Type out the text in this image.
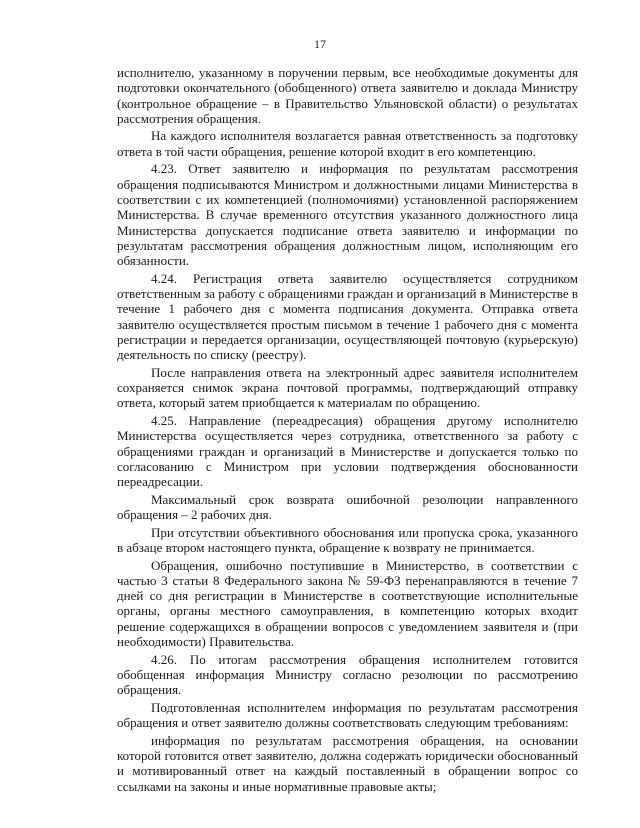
17

исполнителю, указанному в поручении первым, все необходимые документы для подготовки окончательного (обобщенного) ответа заявителю и доклада Министру (контрольное обращение – в Правительство Ульяновской области) о результатах рассмотрения обращения.

На каждого исполнителя возлагается равная ответственность за подготовку ответа в той части обращения, решение которой входит в его компетенцию.

4.23. Ответ заявителю и информация по результатам рассмотрения обращения подписываются Министром и должностными лицами Министерства в соответствии с их компетенцией (полномочиями) установленной распоряжением Министерства. В случае временного отсутствия указанного должностного лица Министерства допускается подписание ответа заявителю и информации по результатам рассмотрения обращения должностным лицом, исполняющим его обязанности.

4.24. Регистрация ответа заявителю осуществляется сотрудником ответственным за работу с обращениями граждан и организаций в Министерстве в течение 1 рабочего дня с момента подписания документа. Отправка ответа заявителю осуществляется простым письмом в течение 1 рабочего дня с момента регистрации и передается организации, осуществляющей почтовую (курьерскую) деятельность по списку (реестру).

После направления ответа на электронный адрес заявителя исполнителем сохраняется снимок экрана почтовой программы, подтверждающий отправку ответа, который затем приобщается к материалам по обращению.

4.25. Направление (переадресация) обращения другому исполнителю Министерства осуществляется через сотрудника, ответственного за работу с обращениями граждан и организаций в Министерстве и допускается только по согласованию с Министром при условии подтверждения обоснованности переадресации.

Максимальный срок возврата ошибочной резолюции направленного обращения – 2 рабочих дня.

При отсутствии объективного обоснования или пропуска срока, указанного в абзаце втором настоящего пункта, обращение к возврату не принимается.

Обращения, ошибочно поступившие в Министерство, в соответствии с частью 3 статьи 8 Федерального закона № 59-ФЗ перенаправляются в течение 7 дней со дня регистрации в Министерстве в соответствующие исполнительные органы, органы местного самоуправления, в компетенцию которых входит решение содержащихся в обращении вопросов с уведомлением заявителя и (при необходимости) Правительства.

4.26. По итогам рассмотрения обращения исполнителем готовится обобщенная информация Министру согласно резолюции по рассмотрению обращения.

Подготовленная исполнителем информация по результатам рассмотрения обращения и ответ заявителю должны соответствовать следующим требованиям:

информация по результатам рассмотрения обращения, на основании которой готовится ответ заявителю, должна содержать юридически обоснованный и мотивированный ответ на каждый поставленный в обращении вопрос со ссылками на законы и иные нормативные правовые акты;
